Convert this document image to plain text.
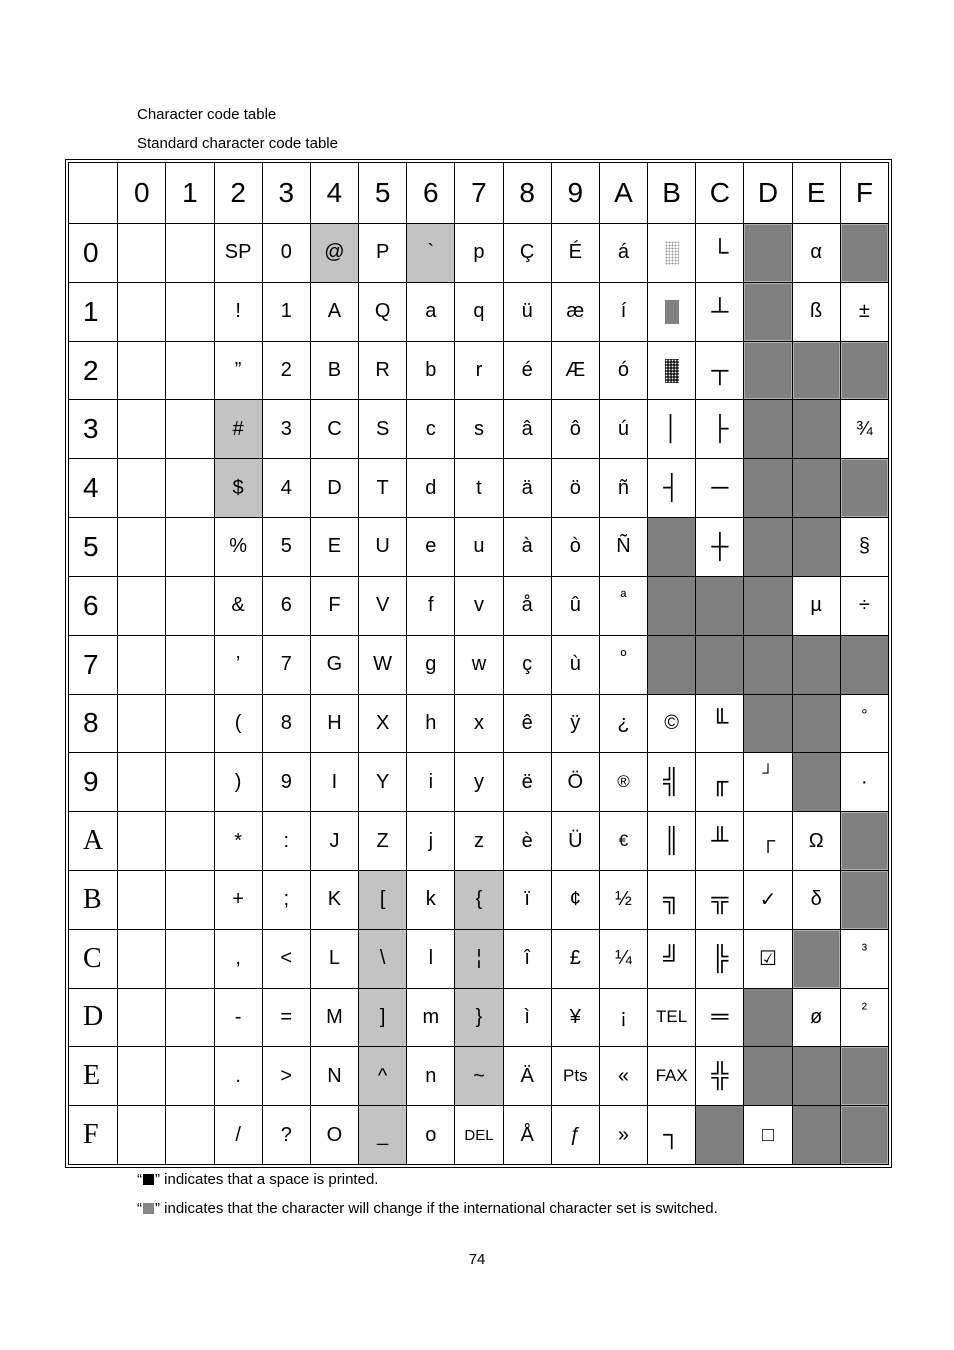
Character code table
Standard character code table
	0	1	2	3	4	5	6	7	8	9	A	B	C	D	E	F
0			SP	0	@	P	`	p	Ç	É	á		└		α	
1			!	1	A	Q	a	q	ü	æ	í		┴		ß	±
2			”	2	B	R	b	r	é	Æ	ó		┬			
3			#	3	C	S	c	s	â	ô	ú	│	├			¾
4			$	4	D	T	d	t	ä	ö	ñ	┤	─			
5			%	5	E	U	e	u	à	ò	Ñ		┼			§
6			&	6	F	V	f	v	å	û	ª				µ	÷
7			’	7	G	W	g	w	ç	ù	º					
8			(	8	H	X	h	x	ê	ÿ	¿	©	╙			°
9			)	9	I	Y	i	y	ë	Ö	®	╣	╓	┘		·
A			*	:	J	Z	j	z	è	Ü	€	║	╨	┌	Ω	
B			+	;	K	[	k	{	ï	¢	½	╗	╦	✓	δ	
C			,	<	L	\	l	¦	î	£	¼	╝	╠	☑		³
D			-	=	M	]	m	}	ì	¥	¡	TEL	═		ø	²
E			.	>	N	^	n	~	Ä	Pts	«	FAX	╬			
F			/	?	O	_	o	DEL	Å	ƒ	»	┐		□		
“ ” indicates that a space is printed.
“ ” indicates that the character will change if the international character set is switched.
74
